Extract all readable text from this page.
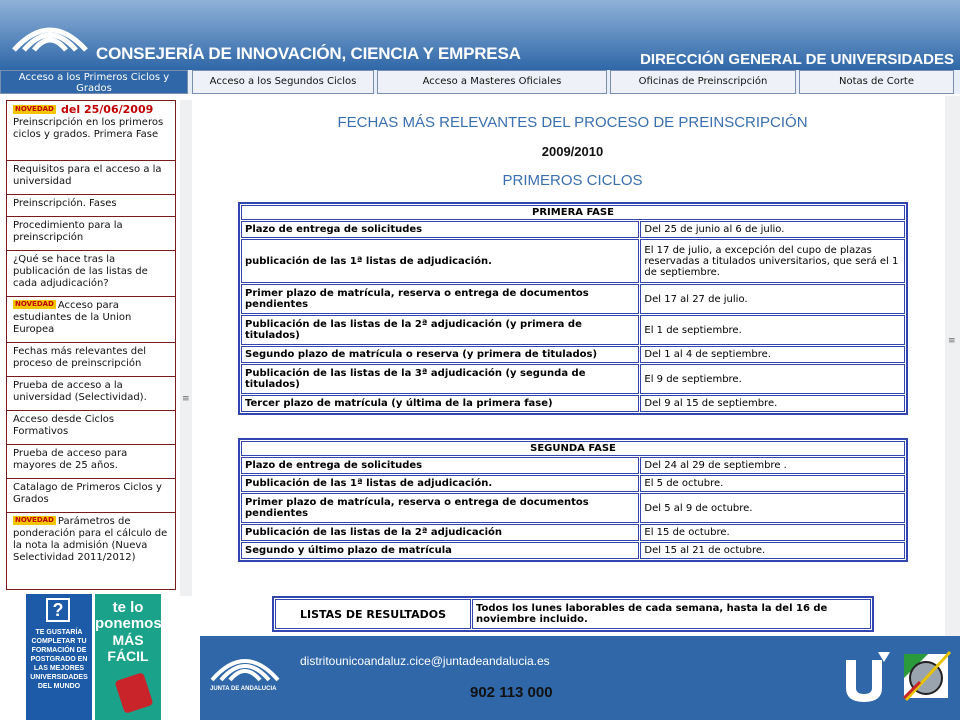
CONSEJERÍA DE INNOVACIÓN, CIENCIA Y EMPRESA	DIRECCIÓN GENERAL DE UNIVERSIDADES
Acceso a los Primeros Ciclos y Grados
Acceso a los Segundos Ciclos	Acceso a Masteres Oficiales	Oficinas de Preinscripción	Notas de Corte
NOVEDAD del 25/06/2009
Preinscripción en los primeros ciclos y grados. Primera Fase
Requisitos para el acceso a la universidad
Preinscripción. Fases
Procedimiento para la preinscripción
¿Qué se hace tras la publicación de las listas de cada adjudicación?
NOVEDAD Acceso para estudiantes de la Union Europea
Fechas más relevantes del proceso de preinscripción
Prueba de acceso a la universidad (Selectividad).
Acceso desde Ciclos Formativos
Prueba de acceso para mayores de 25 años.
Catalago de Primeros Ciclos y Grados
NOVEDAD Parámetros de ponderación para el cálculo de la nota la admisión (Nueva Selectividad 2011/2012)
≡
?
TE GUSTARÍA COMPLETAR TU FORMACIÓN DE POSTGRADO EN LAS MEJORES UNIVERSIDADES DEL MUNDO
te lo
ponemos
MÁS FÁCIL
FECHAS MÁS RELEVANTES DEL PROCESO DE PREINSCRIPCIÓN
2009/2010
PRIMEROS CICLOS
PRIMERA FASE	
Plazo de entrega de solicitudes	Del 25 de junio al 6 de julio.
publicación de las 1ª listas de adjudicación.	El 17 de julio, a excepción del cupo de plazas reservadas a titulados universitarios, que será el 1 de septiembre.
Primer plazo de matrícula, reserva o entrega de documentos pendientes	Del 17 al 27 de julio.
Publicación de las listas de la 2ª adjudicación (y primera de titulados)	El 1 de septiembre.
Segundo plazo de matrícula o reserva (y primera de titulados)	Del 1 al 4 de septiembre.
Publicación de las listas de la 3ª adjudicación (y segunda de titulados)	El 9 de septiembre.
Tercer plazo de matrícula (y última de la primera fase)	Del 9 al 15 de septiembre.
SEGUNDA FASE	
Plazo de entrega de solicitudes	Del 24 al 29 de septiembre .
Publicación de las 1ª listas de adjudicación.	El 5 de octubre.
Primer plazo de matrícula, reserva o entrega de documentos pendientes	Del 5 al 9 de octubre.
Publicación de las listas de la 2ª adjudicación	El 15 de octubre.
Segundo y último plazo de matrícula	Del 15 al 21 de octubre.
LISTAS DE RESULTADOS	Todos los lunes laborables de cada semana, hasta la del 16 de noviembre incluido.
≡
JUNTA DE ANDALUCIA
distritounicoandaluz.cice@juntadeandalucia.es
902 113 000
